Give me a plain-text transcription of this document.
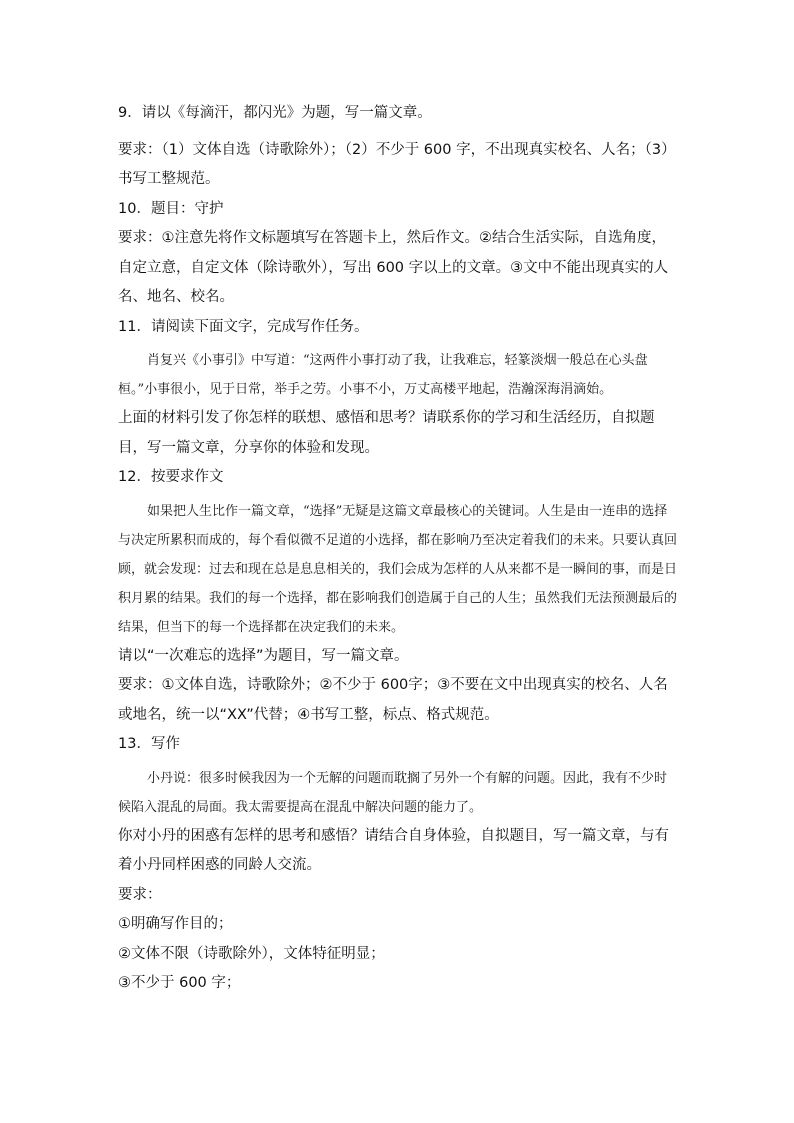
9．请以《每滴汗，都闪光》为题，写一篇文章。

要求：（1）文体自选（诗歌除外）；（2）不少于 600 字，不出现真实校名、人名；（3）书写工整规范。

10．题目：守护

要求：①注意先将作文标题填写在答题卡上，然后作文。②结合生活实际，自选角度，自定立意，自定文体（除诗歌外），写出 600 字以上的文章。③文中不能出现真实的人名、地名、校名。

11．请阅读下面文字，完成写作任务。

肖复兴《小事引》中写道：“这两件小事打动了我，让我难忘，轻篆淡烟一般总在心头盘桓。”小事很小，见于日常，举手之劳。小事不小，万丈高楼平地起，浩瀚深海涓滴始。

上面的材料引发了你怎样的联想、感悟和思考？请联系你的学习和生活经历，自拟题目，写一篇文章，分享你的体验和发现。

12．按要求作文

如果把人生比作一篇文章，“选择”无疑是这篇文章最核心的关键词。人生是由一连串的选择与决定所累积而成的，每个看似微不足道的小选择，都在影响乃至决定着我们的未来。只要认真回顾，就会发现：过去和现在总是息息相关的，我们会成为怎样的人从来都不是一瞬间的事，而是日积月累的结果。我们的每一个选择，都在影响我们创造属于自己的人生；虽然我们无法预测最后的结果，但当下的每一个选择都在决定我们的未来。

请以“一次难忘的选择”为题目，写一篇文章。

要求：①文体自选，诗歌除外；②不少于 600字；③不要在文中出现真实的校名、人名或地名，统一以“XX”代替；④书写工整，标点、格式规范。

13．写作

小丹说：很多时候我因为一个无解的问题而耽搁了另外一个有解的问题。因此，我有不少时候陷入混乱的局面。我太需要提高在混乱中解决问题的能力了。

你对小丹的困惑有怎样的思考和感悟？请结合自身体验，自拟题目，写一篇文章，与有着小丹同样困惑的同龄人交流。

要求：

①明确写作目的；

②文体不限（诗歌除外），文体特征明显；

③不少于 600 字；
